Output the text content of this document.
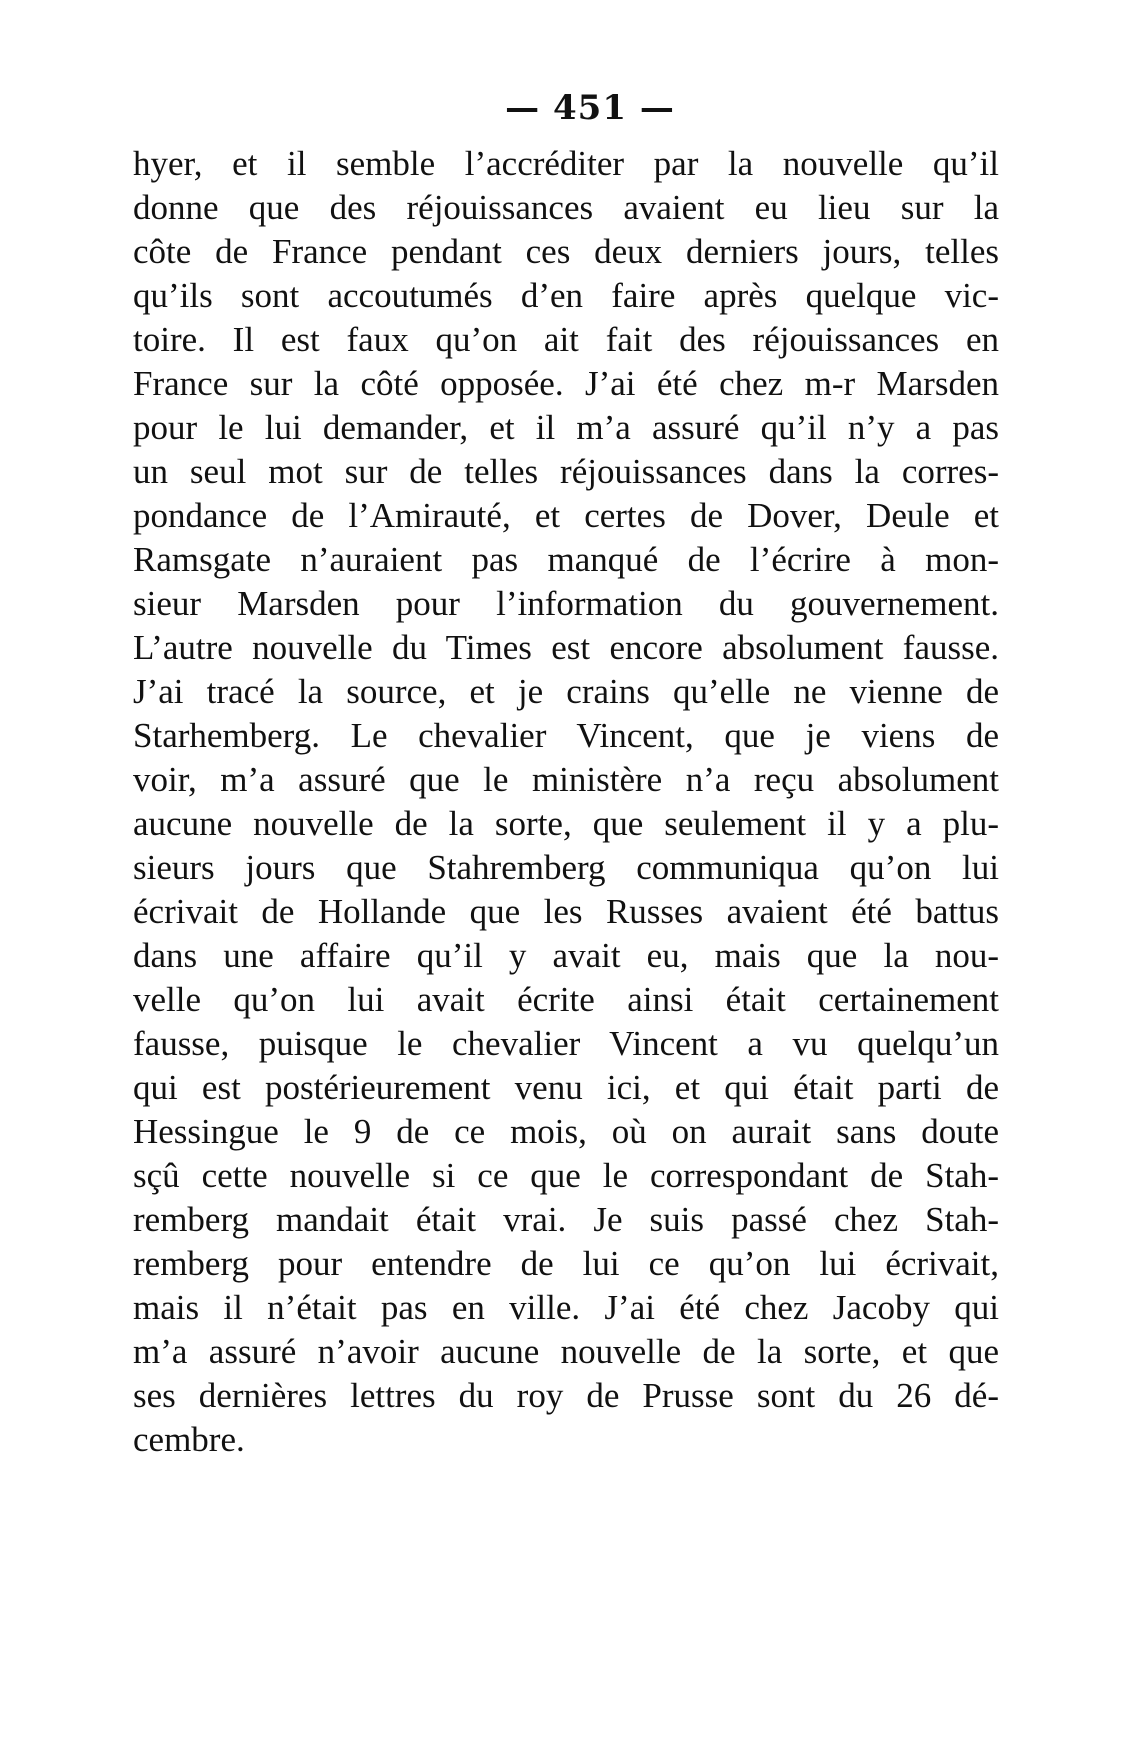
— 451 —
hyer, et il semble l’accréditer par la nouvelle qu’il
donne que des réjouissances avaient eu lieu sur la
côte de France pendant ces deux derniers jours, telles
qu’ils sont accoutumés d’en faire après quelque vic-
toire. Il est faux qu’on ait fait des réjouissances en
France sur la côté opposée. J’ai été chez m-r Marsden
pour le lui demander, et il m’a assuré qu’il n’y a pas
un seul mot sur de telles réjouissances dans la corres-
pondance de l’Amirauté, et certes de Dover, Deule et
Ramsgate n’auraient pas manqué de l’écrire à mon-
sieur Marsden pour l’information du gouvernement.
L’autre nouvelle du Times est encore absolument fausse.
J’ai tracé la source, et je crains qu’elle ne vienne de
Starhemberg. Le chevalier Vincent, que je viens de
voir, m’a assuré que le ministère n’a reçu absolument
aucune nouvelle de la sorte, que seulement il y a plu-
sieurs jours que Stahremberg communiqua qu’on lui
écrivait de Hollande que les Russes avaient été battus
dans une affaire qu’il y avait eu, mais que la nou-
velle qu’on lui avait écrite ainsi était certainement
fausse, puisque le chevalier Vincent a vu quelqu’un
qui est postérieurement venu ici, et qui était parti de
Hessingue le 9 de ce mois, où on aurait sans doute
sçû cette nouvelle si ce que le correspondant de Stah-
remberg mandait était vrai. Je suis passé chez Stah-
remberg pour entendre de lui ce qu’on lui écrivait,
mais il n’était pas en ville. J’ai été chez Jacoby qui
m’a assuré n’avoir aucune nouvelle de la sorte, et que
ses dernières lettres du roy de Prusse sont du 26 dé-
cembre.
